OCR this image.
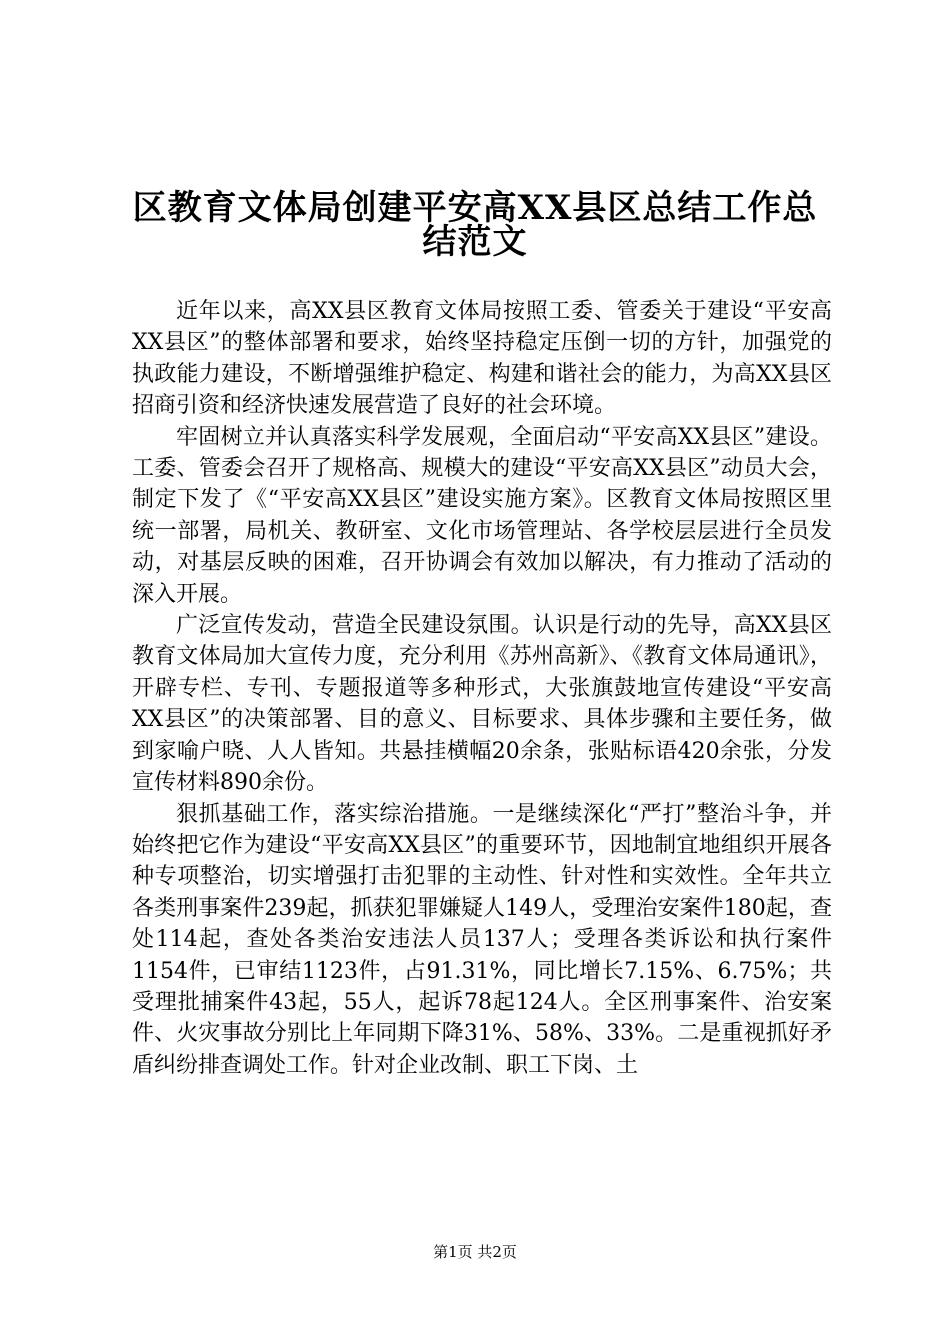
区教育文体局创建平安高XX县区总结工作总
结范文

近年以来，高XX县区教育文体局按照工委、管委关于建设“平安高XX县区”的整体部署和要求，始终坚持稳定压倒一切的方针，加强党的执政能力建设，不断增强维护稳定、构建和谐社会的能力，为高XX县区招商引资和经济快速发展营造了良好的社会环境。

牢固树立并认真落实科学发展观，全面启动“平安高XX县区”建设。工委、管委会召开了规格高、规模大的建设“平安高XX县区”动员大会，制定下发了《“平安高XX县区”建设实施方案》。区教育文体局按照区里统一部署，局机关、教研室、文化市场管理站、各学校层层进行全员发动，对基层反映的困难，召开协调会有效加以解决，有力推动了活动的深入开展。

广泛宣传发动，营造全民建设氛围。认识是行动的先导，高XX县区教育文体局加大宣传力度，充分利用《苏州高新》、《教育文体局通讯》，开辟专栏、专刊、专题报道等多种形式，大张旗鼓地宣传建设“平安高XX县区”的决策部署、目的意义、目标要求、具体步骤和主要任务，做到家喻户晓、人人皆知。共悬挂横幅20余条，张贴标语420余张，分发宣传材料890余份。

狠抓基础工作，落实综治措施。一是继续深化“严打”整治斗争，并始终把它作为建设“平安高XX县区”的重要环节，因地制宜地组织开展各种专项整治，切实增强打击犯罪的主动性、针对性和实效性。全年共立各类刑事案件239起，抓获犯罪嫌疑人149人，受理治安案件180起，查处114起，查处各类治安违法人员137人；受理各类诉讼和执行案件1154件，已审结1123件，占91.31%，同比增长7.15%、6.75%；共受理批捕案件43起，55人，起诉78起124人。全区刑事案件、治安案件、火灾事故分别比上年同期下降31%、58%、33%。二是重视抓好矛盾纠纷排查调处工作。针对企业改制、职工下岗、土

第1页 共2页
